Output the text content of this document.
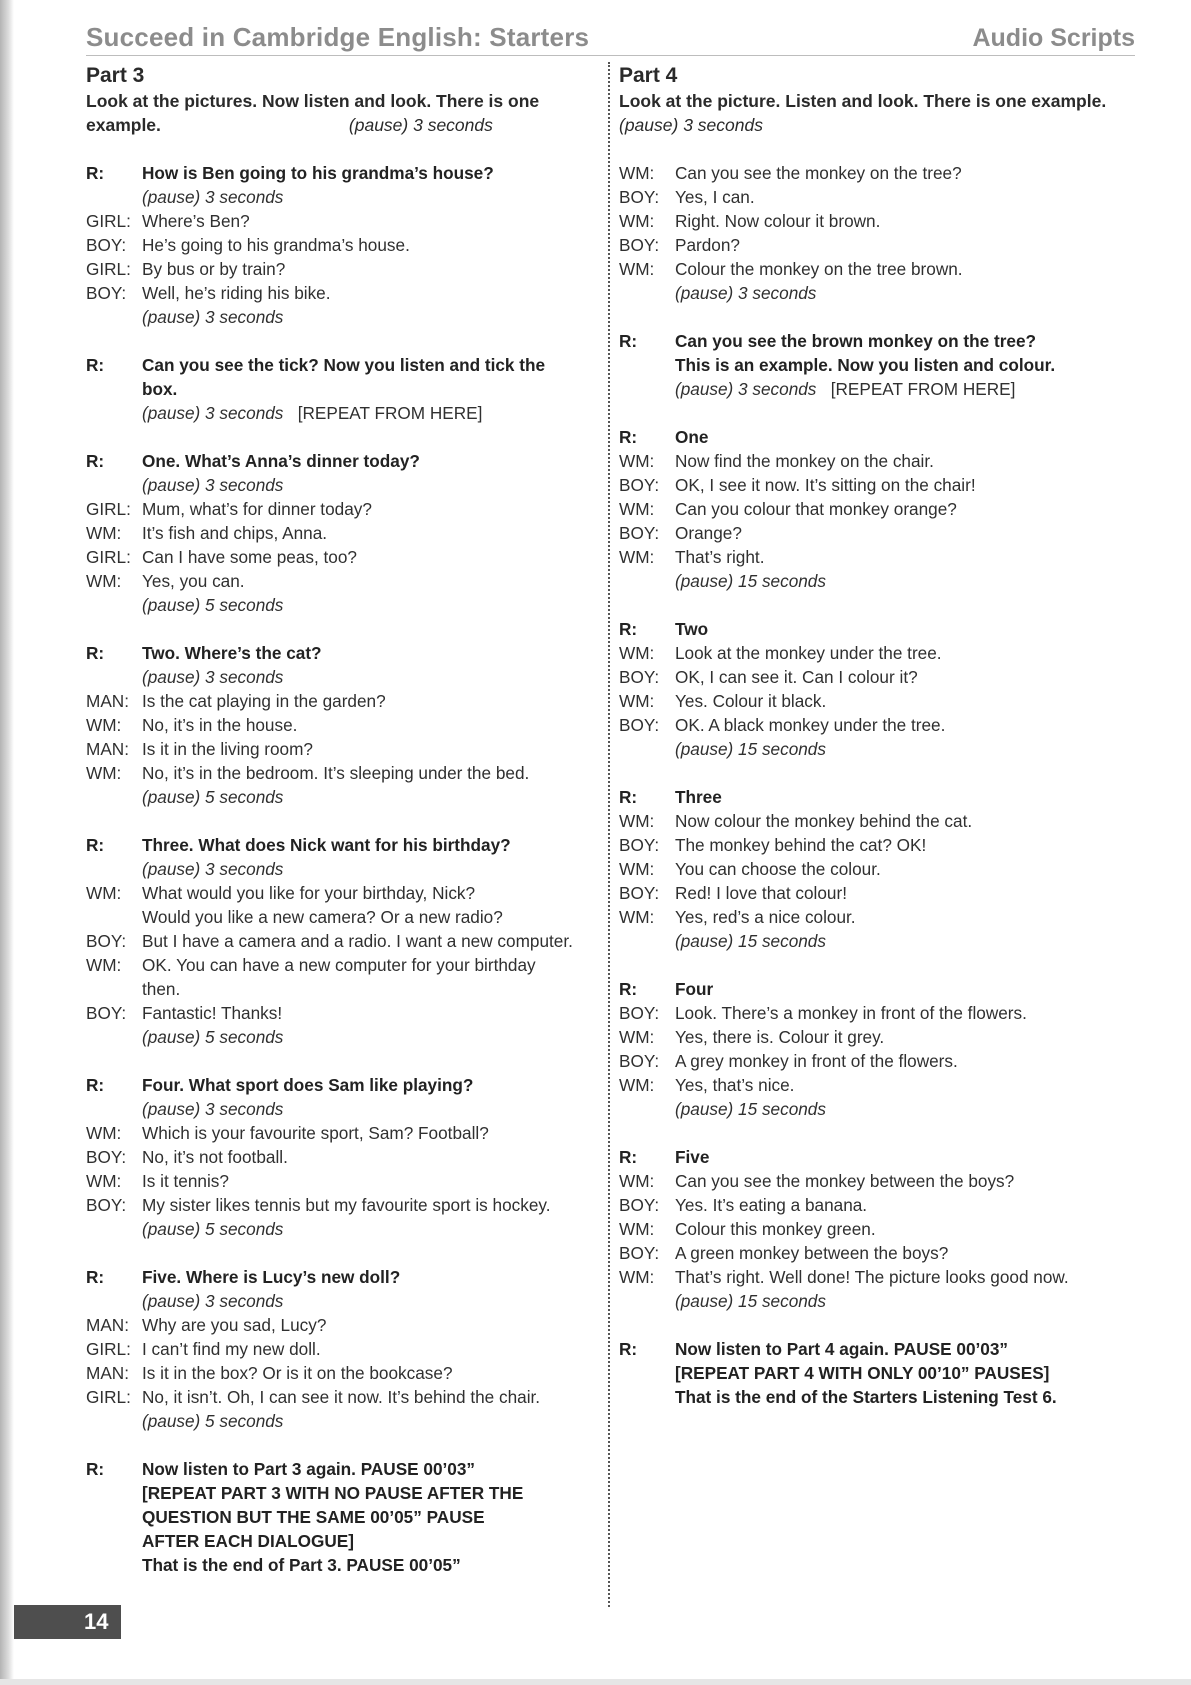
Succeed in Cambridge English: Starters	Audio Scripts
Part 3
Look at the pictures. Now listen and look. There is one
example.	(pause) 3 seconds
R: How is Ben going to his grandma’s house?
(pause) 3 seconds
GIRL: Where’s Ben?
BOY: He’s going to his grandma’s house.
GIRL: By bus or by train?
BOY: Well, he’s riding his bike.
(pause) 3 seconds
R: Can you see the tick? Now you listen and tick the
box.
(pause) 3 seconds   [REPEAT FROM HERE]
R: One. What’s Anna’s dinner today?
(pause) 3 seconds
GIRL: Mum, what’s for dinner today?
WM: It’s fish and chips, Anna.
GIRL: Can I have some peas, too?
WM: Yes, you can.
(pause) 5 seconds
R: Two. Where’s the cat?
(pause) 3 seconds
MAN: Is the cat playing in the garden?
WM: No, it’s in the house.
MAN: Is it in the living room?
WM: No, it’s in the bedroom. It’s sleeping under the bed.
(pause) 5 seconds
R: Three. What does Nick want for his birthday?
(pause) 3 seconds
WM: What would you like for your birthday, Nick?
Would you like a new camera? Or a new radio?
BOY: But I have a camera and a radio. I want a new computer.
WM: OK. You can have a new computer for your birthday
then.
BOY: Fantastic! Thanks!
(pause) 5 seconds
R: Four. What sport does Sam like playing?
(pause) 3 seconds
WM: Which is your favourite sport, Sam? Football?
BOY: No, it’s not football.
WM: Is it tennis?
BOY: My sister likes tennis but my favourite sport is hockey.
(pause) 5 seconds
R: Five. Where is Lucy’s new doll?
(pause) 3 seconds
MAN: Why are you sad, Lucy?
GIRL: I can’t find my new doll.
MAN: Is it in the box? Or is it on the bookcase?
GIRL: No, it isn’t. Oh, I can see it now. It’s behind the chair.
(pause) 5 seconds
R: Now listen to Part 3 again. PAUSE 00’03”
[REPEAT PART 3 WITH NO PAUSE AFTER THE
QUESTION BUT THE SAME 00’05” PAUSE
AFTER EACH DIALOGUE]
That is the end of Part 3. PAUSE 00’05”
Part 4
Look at the picture. Listen and look. There is one example.
(pause) 3 seconds
WM: Can you see the monkey on the tree?
BOY: Yes, I can.
WM: Right. Now colour it brown.
BOY: Pardon?
WM: Colour the monkey on the tree brown.
(pause) 3 seconds
R: Can you see the brown monkey on the tree?
This is an example. Now you listen and colour.
(pause) 3 seconds   [REPEAT FROM HERE]
R: One
WM: Now find the monkey on the chair.
BOY: OK, I see it now. It’s sitting on the chair!
WM: Can you colour that monkey orange?
BOY: Orange?
WM: That’s right.
(pause) 15 seconds
R: Two
WM: Look at the monkey under the tree.
BOY: OK, I can see it. Can I colour it?
WM: Yes. Colour it black.
BOY: OK. A black monkey under the tree.
(pause) 15 seconds
R: Three
WM: Now colour the monkey behind the cat.
BOY: The monkey behind the cat? OK!
WM: You can choose the colour.
BOY: Red! I love that colour!
WM: Yes, red’s a nice colour.
(pause) 15 seconds
R: Four
BOY: Look. There’s a monkey in front of the flowers.
WM: Yes, there is. Colour it grey.
BOY: A grey monkey in front of the flowers.
WM: Yes, that’s nice.
(pause) 15 seconds
R: Five
WM: Can you see the monkey between the boys?
BOY: Yes. It’s eating a banana.
WM: Colour this monkey green.
BOY: A green monkey between the boys?
WM: That’s right. Well done! The picture looks good now.
(pause) 15 seconds
R: Now listen to Part 4 again. PAUSE 00’03”
[REPEAT PART 4 WITH ONLY 00’10” PAUSES]
That is the end of the Starters Listening Test 6.
14
